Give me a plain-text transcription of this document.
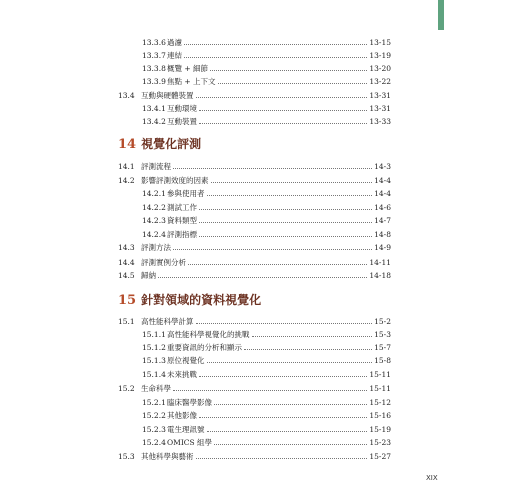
13.3.6 過濾	13-15
13.3.7 連結	13-19
13.3.8 概覽 + 細節	13-20
13.3.9 焦點 + 上下文	13-22
13.4 互動與硬體裝置	13-31
13.4.1 互動環境	13-31
13.4.2 互動裝置	13-33
14 視覺化評測
14.1 評測流程	14-3
14.2 影響評測效度的因素	14-4
14.2.1 參與使用者	14-4
14.2.2 測試工作	14-6
14.2.3 資料類型	14-7
14.2.4 評測指標	14-8
14.3 評測方法	14-9
14.4 評測實例分析	14-11
14.5 歸納	14-18
15 針對領域的資料視覺化
15.1 高性能科學計算	15-2
15.1.1 高性能科學視覺化的挑戰	15-3
15.1.2 重要資訊的分析和顯示	15-7
15.1.3 原位視覺化	15-8
15.1.4 未來挑戰	15-11
15.2 生命科學	15-11
15.2.1 臨床醫學影像	15-12
15.2.2 其他影像	15-16
15.2.3 電生理訊號	15-19
15.2.4 OMICS 組學	15-23
15.3 其他科學與藝術	15-27
XIX
